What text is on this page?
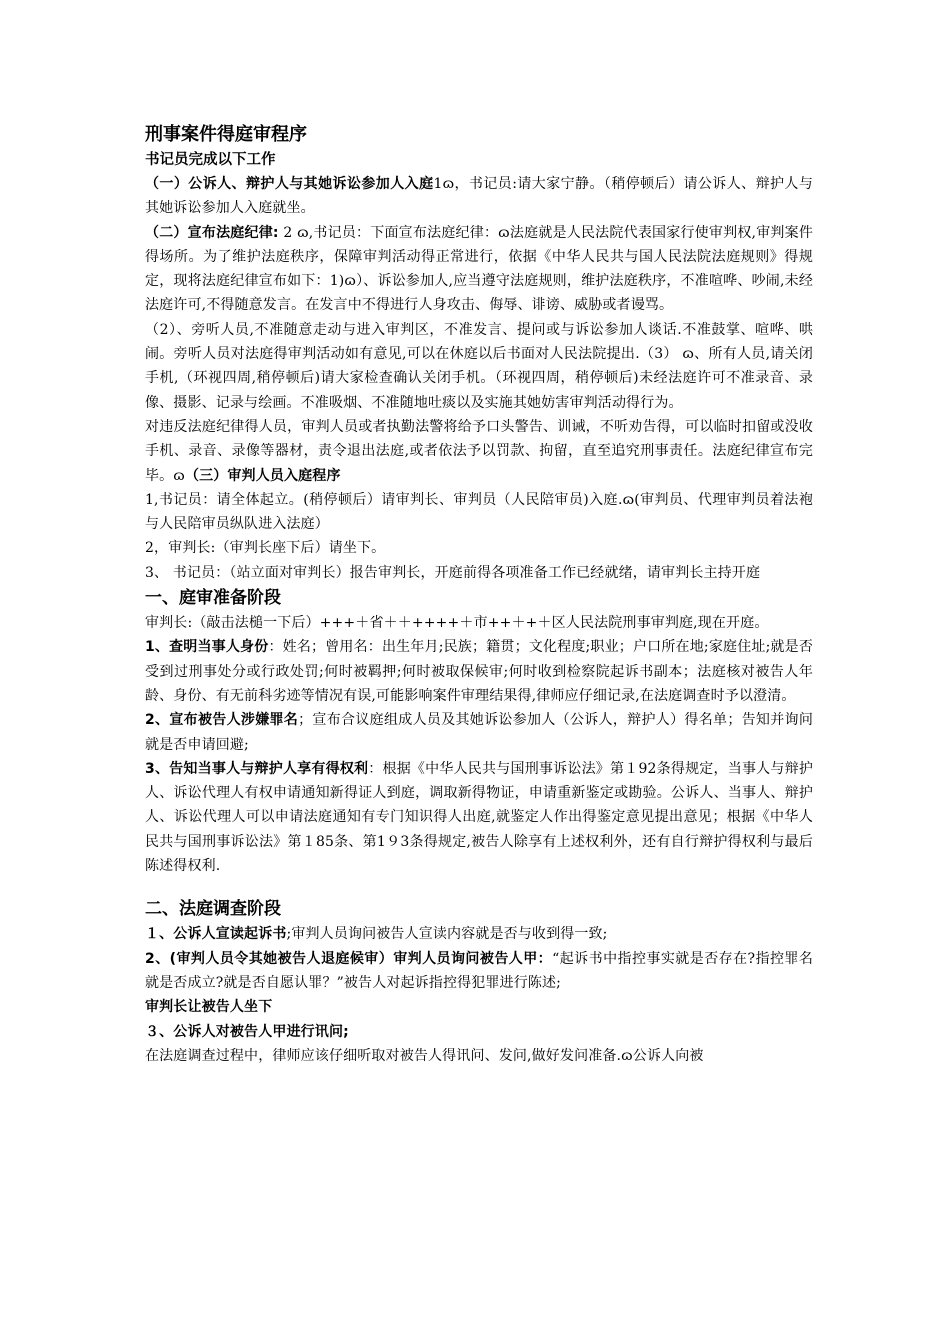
刑事案件得庭审程序
书记员完成以下工作

（一）公诉人、辩护人与其她诉讼参加人入庭1ɷ，书记员:请大家宁静。（稍停顿后）请公诉人、辩护人与其她诉讼参加人入庭就坐。

（二）宣布法庭纪律: 2 ɷ,书记员：下面宣布法庭纪律：ɷ法庭就是人民法院代表国家行使审判权,审判案件得场所。为了维护法庭秩序，保障审判活动得正常进行，依据《中华人民共与国人民法院法庭规则》得规定，现将法庭纪律宣布如下：1)ɷ）、诉讼参加人,应当遵守法庭规则，维护法庭秩序，不准喧哗、吵闹,未经法庭许可,不得随意发言。在发言中不得进行人身攻击、侮辱、诽谤、威胁或者谩骂。

（2）、旁听人员,不准随意走动与进入审判区，不准发言、提问或与诉讼参加人谈话.不准鼓掌、喧哗、哄闹。旁听人员对法庭得审判活动如有意见,可以在休庭以后书面对人民法院提出.（3） ɷ、所有人员,请关闭手机,（环视四周,稍停顿后)请大家检查确认关闭手机。（环视四周，稍停顿后)未经法庭许可不准录音、录像、摄影、记录与绘画。不准吸烟、不准随地吐痰以及实施其她妨害审判活动得行为。

对违反法庭纪律得人员，审判人员或者执勤法警将给予口头警告、训诫，不听劝告得，可以临时扣留或没收手机、录音、录像等器材，责令退出法庭,或者依法予以罚款、拘留，直至追究刑事责任。法庭纪律宣布完毕。ɷ（三）审判人员入庭程序

1,书记员：请全体起立。(稍停顿后）请审判长、审判员（人民陪审员)入庭.ɷ(审判员、代理审判员着法袍与人民陪审员纵队进入法庭）

2，审判长:（审判长座下后）请坐下。

3、 书记员：（站立面对审判长）报告审判长，开庭前得各项准备工作已经就绪，请审判长主持开庭

一、庭审准备阶段

审判长:（敲击法槌一下后）+++＋省＋＋++++＋市++＋+＋区人民法院刑事审判庭,现在开庭。

1、查明当事人身份：姓名；曾用名：出生年月;民族；籍贯；文化程度;职业；户口所在地;家庭住址;就是否受到过刑事处分或行政处罚;何时被羁押;何时被取保候审;何时收到检察院起诉书副本；法庭核对被告人年龄、身份、有无前科劣迹等情况有误,可能影响案件审理结果得,律师应仔细记录,在法庭调查时予以澄清。

2、宣布被告人涉嫌罪名；宣布合议庭组成人员及其她诉讼参加人（公诉人，辩护人）得名单；告知并询问就是否申请回避;

3、告知当事人与辩护人享有得权利：根据《中华人民共与国刑事诉讼法》第１92条得规定，当事人与辩护人、诉讼代理人有权申请通知新得证人到庭，调取新得物证，申请重新鉴定或勘验。公诉人、当事人、辩护人、诉讼代理人可以申请法庭通知有专门知识得人出庭,就鉴定人作出得鉴定意见提出意见；根据《中华人民共与国刑事诉讼法》第１85条、第1９3条得规定,被告人除享有上述权利外，还有自行辩护得权利与最后陈述得权利.

二、法庭调查阶段

１、公诉人宣读起诉书;审判人员询问被告人宣读内容就是否与收到得一致;

2、(审判人员令其她被告人退庭候审）审判人员询问被告人甲：“起诉书中指控事实就是否存在?指控罪名就是否成立?就是否自愿认罪？”被告人对起诉指控得犯罪进行陈述;

审判长让被告人坐下

３、公诉人对被告人甲进行讯问;

在法庭调查过程中，律师应该仔细听取对被告人得讯问、发问,做好发问准备.ɷ公诉人向被
